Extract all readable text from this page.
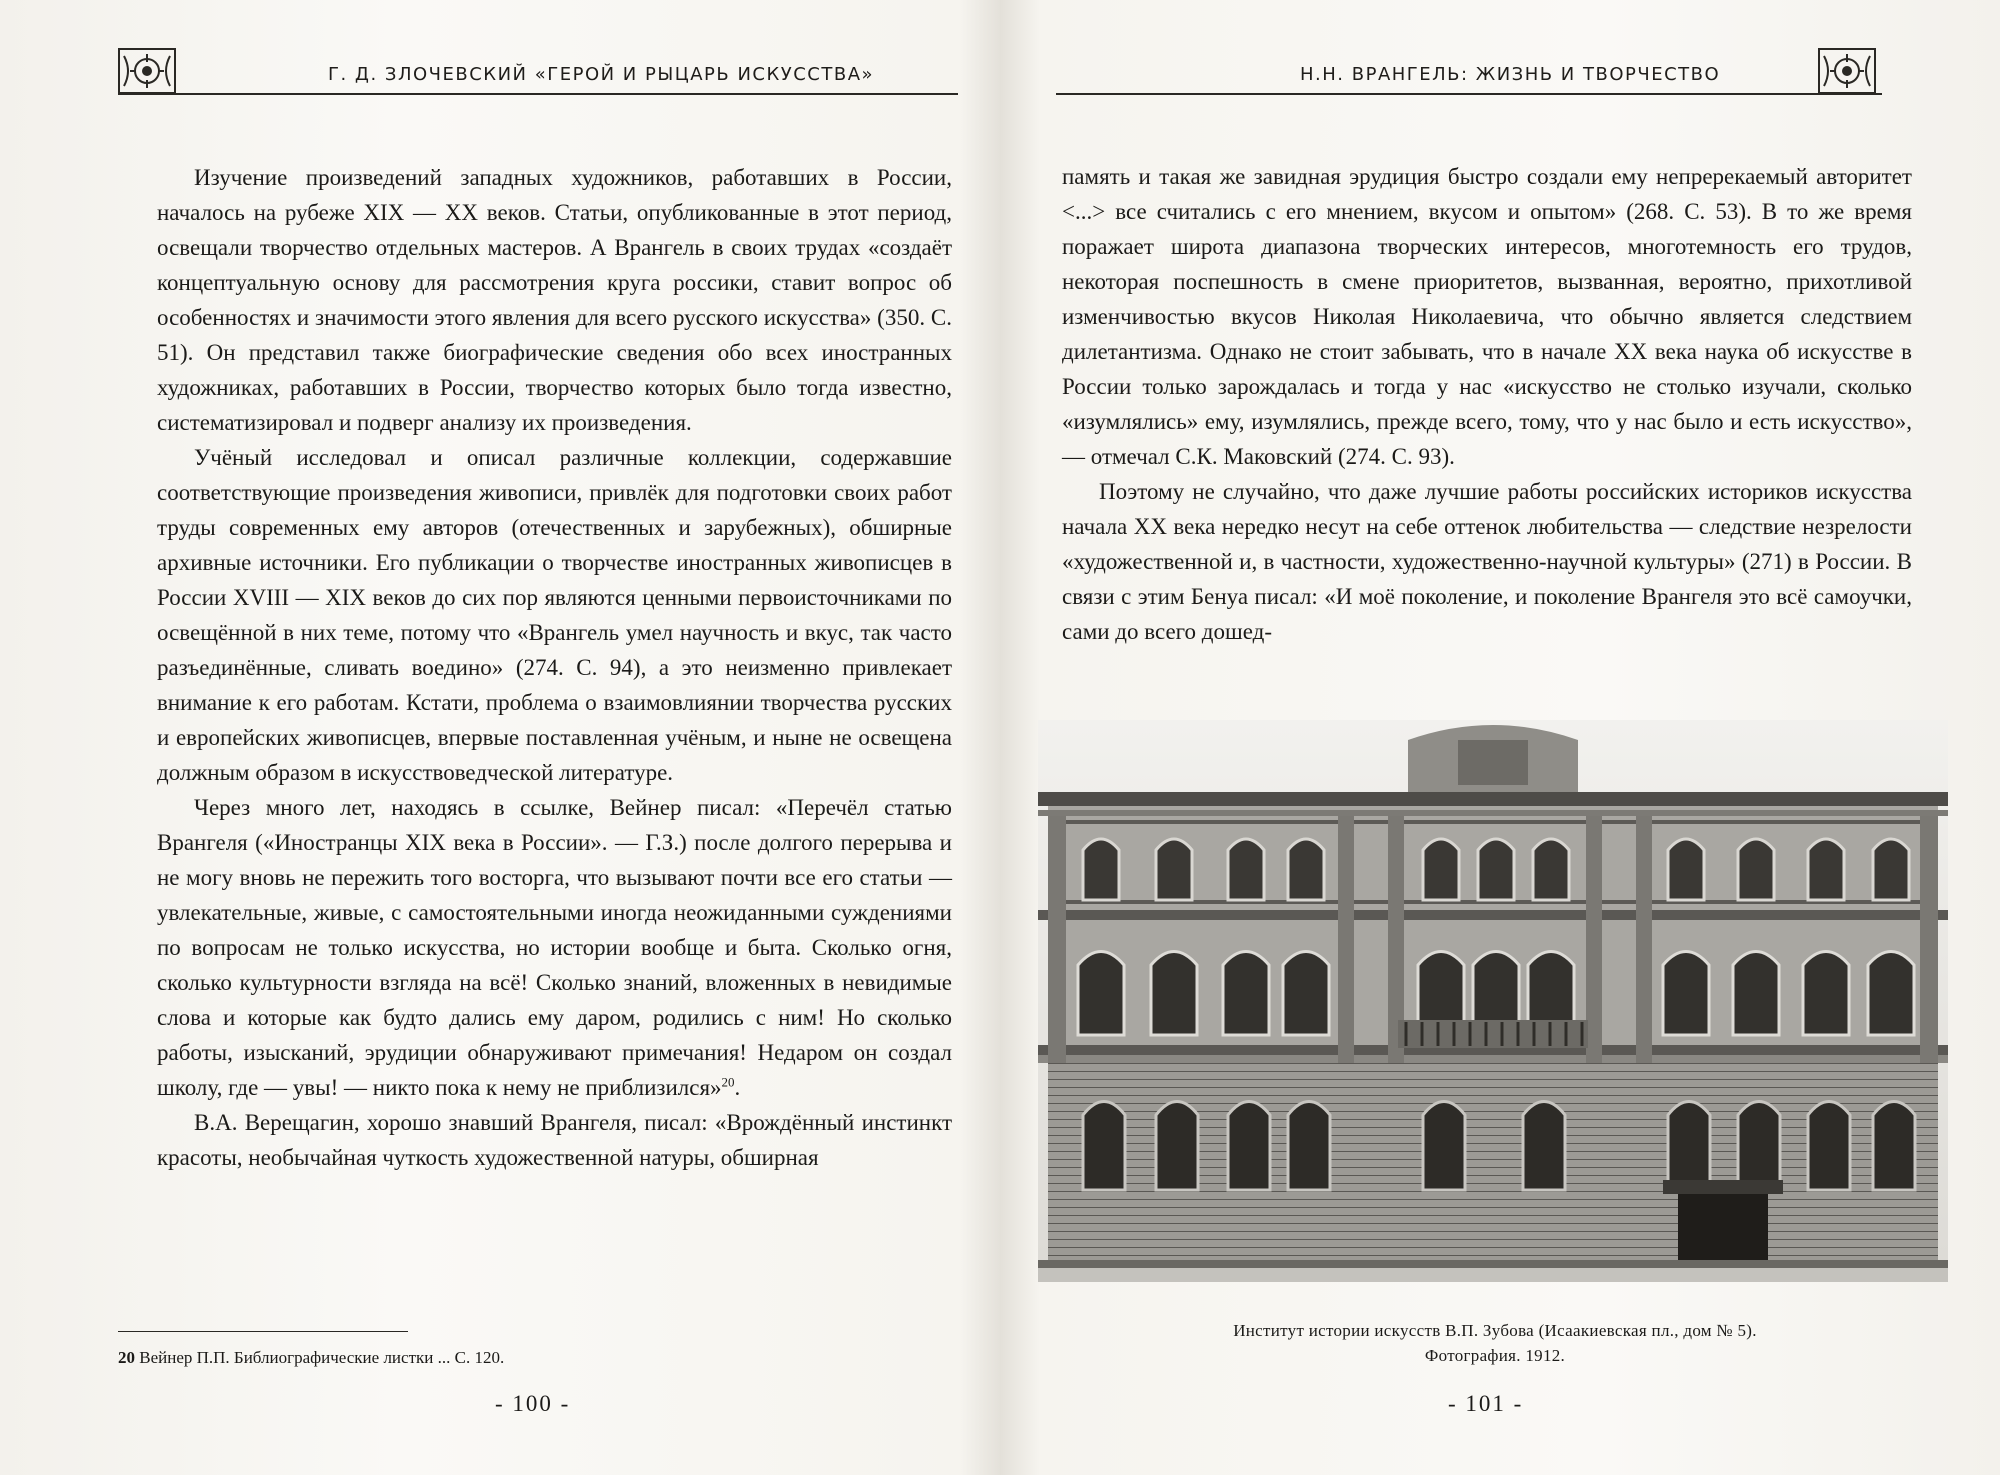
Г. Д. ЗЛОЧЕВСКИЙ «ГЕРОЙ И РЫЦАРЬ ИСКУССТВА»

Изучение произведений западных художников, работавших в России, началось на рубеже XIX — XX веков. Статьи, опубликованные в этот период, освещали творчество отдельных мастеров. А Врангель в своих трудах «создаёт концептуальную основу для рассмотрения круга россики, ставит вопрос об особенностях и значимости этого явления для всего русского искусства» (350. С. 51). Он представил также биографические сведения обо всех иностранных художниках, работавших в России, творчество которых было тогда известно, систематизировал и подверг анализу их произведения.

Учёный исследовал и описал различные коллекции, содержавшие соответствующие произведения живописи, привлёк для подготовки своих работ труды современных ему авторов (отечественных и зарубежных), обширные архивные источники. Его публикации о творчестве иностранных живописцев в России XVIII — XIX веков до сих пор являются ценными первоисточниками по освещённой в них теме, потому что «Врангель умел научность и вкус, так часто разъединённые, сливать воедино» (274. С. 94), а это неизменно привлекает внимание к его работам. Кстати, проблема о взаимовлиянии творчества русских и европейских живописцев, впервые поставленная учёным, и ныне не освещена должным образом в искусствоведческой литературе.

Через много лет, находясь в ссылке, Вейнер писал: «Перечёл статью Врангеля («Иностранцы XIX века в России». — Г.З.) после долгого перерыва и не могу вновь не пережить того восторга, что вызывают почти все его статьи — увлекательные, живые, с самостоятельными иногда неожиданными суждениями по вопросам не только искусства, но истории вообще и быта. Сколько огня, сколько культурности взгляда на всё! Сколько знаний, вложенных в невидимые слова и которые как будто дались ему даром, родились с ним! Но сколько работы, изысканий, эрудиции обнаруживают примечания! Недаром он создал школу, где — увы! — никто пока к нему не приблизился»$^{20}$.

В.А. Верещагин, хорошо знавший Врангеля, писал: «Врождённый инстинкт красоты, необычайная чуткость художественной натуры, обширная

20 Вейнер П.П. Библиографические листки ... С. 120.
- 100 -
Н.Н. ВРАНГЕЛЬ: ЖИЗНЬ И ТВОРЧЕСТВО

память и такая же завидная эрудиция быстро создали ему непререкаемый авторитет <...> все считались с его мнением, вкусом и опытом» (268. С. 53). В то же время поражает широта диапазона творческих интересов, многотемность его трудов, некоторая поспешность в смене приоритетов, вызванная, вероятно, прихотливой изменчивостью вкусов Николая Николаевича, что обычно является следствием дилетантизма. Однако не стоит забывать, что в начале XX века наука об искусстве в России только зарождалась и тогда у нас «искусство не столько изучали, сколько «изумлялись» ему, изумлялись, прежде всего, тому, что у нас было и есть искусство», — отмечал С.К. Маковский (274. С. 93).

Поэтому не случайно, что даже лучшие работы российских историков искусства начала XX века нередко несут на себе оттенок любительства — следствие незрелости «художественной и, в частности, художественно-научной культуры» (271) в России. В связи с этим Бенуа писал: «И моё поколение, и поколение Врангеля это всё самоучки, сами до всего дошед-

Институт истории искусств В.П. Зубова (Исаакиевская пл., дом № 5).
Фотография. 1912.
- 101 -
